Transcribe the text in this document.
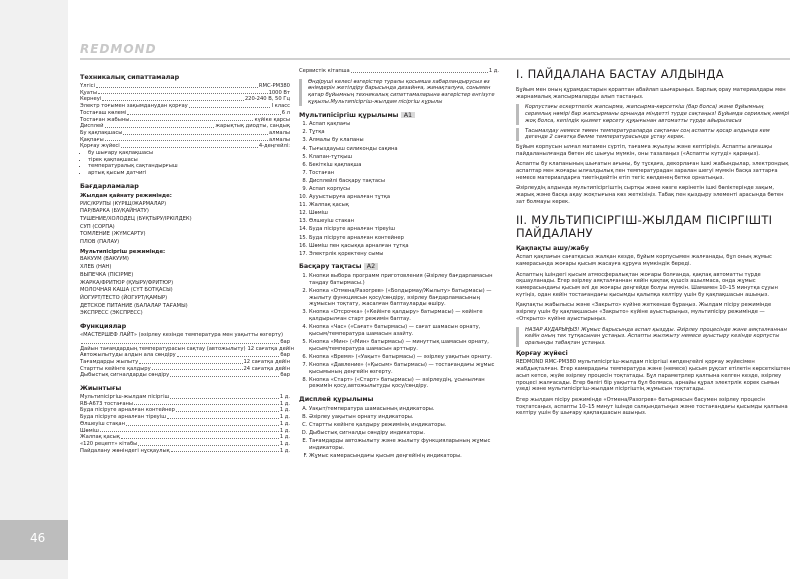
46
REDMOND
Техникалық сипаттамалар
Үлгісі	RMC-PM380
Қуаты	1000 Вт
Кернеуі	220-240 В, 50 Гц
Электр тоғымен зақымданудан қорғау	I класс
Тостағаш көлемі	6 л
Тостаған жабыны	күйіке қарсы
Дисплей	жарықтық диодты, сандық
Бу қақпақшасы	алмалы
Қақпағы	алмалы
Қорғау жүйесі	4-деңгейлі:
• бу шығару қақпақшасы
• тірек қақпақшасы
• температуралық сақтандырғыш
• артық қысым датчигі
Бағдарламалар
Жылдам қайнату режимінде:
РИС/КРУПЫ (КҮРІШ/ЖАРМАЛАР)
ПАР/ВАРКА (БУ/ҚАЙНАТУ)
ТУШЕНИЕ/ХОЛОДЕЦ (БҰҚТЫРУ/ІРКІЛДЕК)
СУП (СОРПА)
ТОМЛЕНИЕ (ЖҮМСАРТУ)
ПЛОВ (ПАЛАУ)
Мультипісіргіш режимінде:
ВАКУУМ (ВАКУУМ)
ХЛЕБ (НАН)
ВЫПЕЧКА (ПІСІРМЕ)
ЖАРКА/ФРИТЮР (ҚУЫРУ/ФРИТЮР)
МОЛОЧНАЯ КАША (СҮТ БОТҚАСЫ)
ЙОГУРТ/ТЕСТО (ЙОГУРТ/ҚАМЫР)
ДЕТСКОЕ ПИТАНИЕ (БАЛАЛАР ТАҒАМЫ)
ЭКСПРЕСС (ЭКСПРЕСС)
Функциялар
«МАСТЕРШЕФ ЛАЙТ» (әзірлеу кезінде температура мен уақытты өзгерту)
бар
Дайын тағамдардың температурасын сақтау (автожылыту) 12 сағатқа дейін
Автожылытуды алдын ала сөндіру	бар
Тағамдарды жылыту	12 сағатқа дейін
Стартты кейінге қалдыру	24 сағатқа дейін
Дыбыстық сигналдарды сөндіру	бар
Жиынтығы
Мультипісіргіш-жылдам пісіргіш	1 д.
RB-A673 тостағаны	1 д.
Буда пісіруге арналған контейнер	1 д.
Буда пісіруге арналған тіреуіш	1 д.
Өлшеуіш стақан	1 д.
Шөміш	1 д.
Жалпақ қасық	1 д.
«120 рецепт» кітабы	1 д.
Пайдалану жөніндегі нұсқаулық	1 д.
Сервистік кітапша	1 д.
Өндіруші келесі өзгерістер туралы қосымша хабарландырусыз өз өнімдерін жетілдіру барысында дизайнға, жинақталуға, сонымен қатар бұйымның техникалық сипаттамаларына өзгерістер енгізуге құқылы.Мультипісіргіш-жылдам пісіргіш кұрылы
Мультипісіргіш құрылымы A1
1. Аспап қақпағы
2. Тұтқа
3. Алмалы бу клапаны
4. Тығыздауыш силиконды сақина
5. Клапан-тұтқыш
6. Бекіткіш қақпақша
7. Тостаған
8. Дисплейлі басқару тақтасы
9. Аспап корпусы
10. Аууыстыруға арналған тұтқа
11. Жалпақ қасық
12. Шөміш
13. Өлшеуіш стакан
14. Буда пісіруге арналған тіреуіш
15. Буда пісіруге арналған контейнер
16. Шөміш пен қасыққа арналған тұтқа
17. Электрлік қоректену сымы
Басқару тақтасы A2
1. Кнопки выбора программ приготовления (Әзірлеу бағдарламасын таңдау батырмасы.)
2. Кнопка «Отмена/Разогрев» («Болдырмау/Жылыту» батырмасы) — жылыту функциясын қосу/сөндіру, әзірлеу бағдарламасының жұмысын тоқтату, жасалған баптауларды өшіру.
3. Кнопка «Отсрочка» («Кейінге қалдыру» батырмасы) — кейінге қалдырылған старт режимін баптау.
4. Кнопка «Час» («Сағат» батырмасы) — сағат шамасын орнату, қысым/температура шамасын азайту.
5. Кнопка «Мин» («Мин» батырмасы) — минуттық шамасын орнату, қысым/температура шамасын арттыру.
6. Кнопка «Время» («Уақыт» батырмасы) — әзірлеу уақытын орнату.
7. Кнопка «Давление» («Қысым» батырмасы) — тостағандағы жұмыс қысымының деңгейін өзгерту.
8. Кнопка «Старт» («Старт» батырмасы) — әзірлеудің, ұсынылған режимін қосу,автожылытуды қосу/сөндіру.
Дисплей құрылымы
A. Уақыт/температура шамасының индикаторы.
B. Әзірлеу уақытын орнату индикаторы.
C. Стартты кейінге қалдыру режимінің индикаторы.
D. Дыбыстық сигналды сөндіру индикаторы.
E. Тағамдарды автожылыту және жылыту функцияларының жұмыс индикаторы.
F. Жұмыс камерасындағы қысым деңгейінің индикаторы.
I. ПАЙДАЛАНА БАСТАУ АЛДЫНДА

Бұйым мен оның құрамдастарын қораптан абайлап шығарыңыз. Барлық орау материалдары мен жарнамалық жапсырмаларды алып тастаңыз.

Корпустағы ескертпелік жапсырма, жапсырма-көрсеткіш (бар болса) және бұйымның сериялық нөмірі бар жапсырманы орнында міндетті түрде сақтаңыз! Бұйымда сериялық нөмірі жоқ болса, кепілдік қызмет көрсету құқығынан автоматты түрде айырыласыз

Тасымалдау немесе төмен температураларда сақтаған соң аспапты қосар алдында кем дегенде 2 сағатқа бөлме температурасында ұстау керек.

Бұйым корпусын ылғал матамен сүртіп, тағамға жуылуы және кептіріңіз. Аспапты алғашқы пайдаланылғанда бөтен иіс шығуы мүмкін, оны тазалаңыз («Аспапты күтуді» қараңыз).

Аспапты бу клапанының шығатын ағыны, бу тұсқаға, декорлаған ішкі жабындылар, электрондық аспаптар мен жоғары ылғалдылық пен температурадан заралан шегуі мүмкін басқа заттарға немесе материалдарға тиетіндейтін етіп тегіс көлденең бетке орнатыңыз.

Әзірлеудің алдында мультипісіргіштің сыртқы және көзге көрінетін ішкі бөліктерінде зақым, жарық және басқа ақау жоқтығына көз жеткізіңіз. Табақ пен қыздыру элементі арасында бөтен зат болмауы керек.

II. МУЛЬТИПІСІРГІШ-ЖЫЛДАМ ПІСІРГІШТІ ПАЙДАЛАНУ
Қақпақты ашу/жабу

Аспап қақпағын сағатқасыз жалқан кезде, бұйым корпусымен жалғанады, бұл оның жұмыс камерасында жоғары қысым жасауға құруға мүмкіндік береді.

Аспаптың ішіндегі қысым атмосфералықтан жоғары болғанда, қақпақ автоматты түрде оқшауланады. Егер әзірлеу аяқталғаннан кейін қақпақ күшсіз ашылмаса, онда жұмыс камерасындағы қысым әлі де жоғары деңгейде болуы мүмкін. Шамамен 10–15 минутқа сұуын күтіңіз, одан кейін тостағандағы қысымды қалыпқа келтіру үшін бу қақпақшасын ашыңыз.

Қақпақты жабылысы және «Закрыто» күйіне жеткенше бұраңыз. Жылдам пісіру режимінде әзірлеу үшін бу қақпақшасын «Закрыто» күйіне ауыстырыңыз, мультипісіру режимінде — «Открыто» күйіне ауыстырыңыз.

НАЗАР АУДАРЫҢЫЗ! Жұмыс барысында аспап қыздды. Әзірлеу процесінде және аяқталғаннан кейін оның тек тұтқасынан ұстаңыз. Аспапты жылжыту немесе ауыстыру кезінде корпусты оралынды табақтан ұстаңыз.

Қорғау жүйесі

REDMOND RMC-PM380 мультипісіргіш-жылдам пісіргіші көпдеңгейлі қорғау жүйесімен жабдықталған. Егер камерадағы температура және (немесе) қысым рұқсат етілетін көрсеткіштен асып кетсе, жүйе әзірлеу процесін тоқтатады. Бұл параметрлер қалпына келген кезде, әзірлеу процесі жалғасады. Егер бөлігі бір уақытта бұл болмаса, арнайы құрал электрлік корек сымын үзеді және мультипісіргіш-жылдам пісіргіштің жұмысын тоқтатады.

Егер жылдам пісіру режимінде «Отмена/Разогрев» батырмасын басумен әзірлеу процесін тоқтатсаңыз, аспапты 10–15 минут ішінде салқындатыңыз және тостағандағы қысымды қалпына келтіру үшін бу шығару қақпақшасын ашыңыз.
